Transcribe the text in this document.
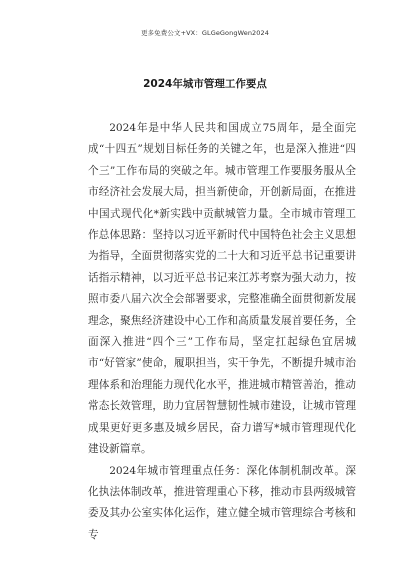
更多免费公文+VX：GLGeGongWen2024
2024年城市管理工作要点

2024年是中华人民共和国成立75周年，是全面完成“十四五”规划目标任务的关键之年，也是深入推进“四个三”工作布局的突破之年。城市管理工作要服务服从全市经济社会发展大局，担当新使命，开创新局面，在推进中国式现代化*新实践中贡献城管力量。全市城市管理工作总体思路：坚持以习近平新时代中国特色社会主义思想为指导，全面贯彻落实党的二十大和习近平总书记重要讲话指示精神，以习近平总书记来江苏考察为强大动力，按照市委八届六次全会部署要求，完整准确全面贯彻新发展理念，聚焦经济建设中心工作和高质量发展首要任务，全面深入推进“四个三”工作布局，坚定扛起绿色宜居城市“好管家”使命，履职担当，实干争先，不断提升城市治理体系和治理能力现代化水平，推进城市精管善治，推动常态长效管理，助力宜居智慧韧性城市建设，让城市管理成果更好更多惠及城乡居民，奋力谱写*城市管理现代化建设新篇章。

2024年城市管理重点任务：深化体制机制改革。深化执法体制改革，推进管理重心下移，推动市县两级城管委及其办公室实体化运作，建立健全城市管理综合考核和专
